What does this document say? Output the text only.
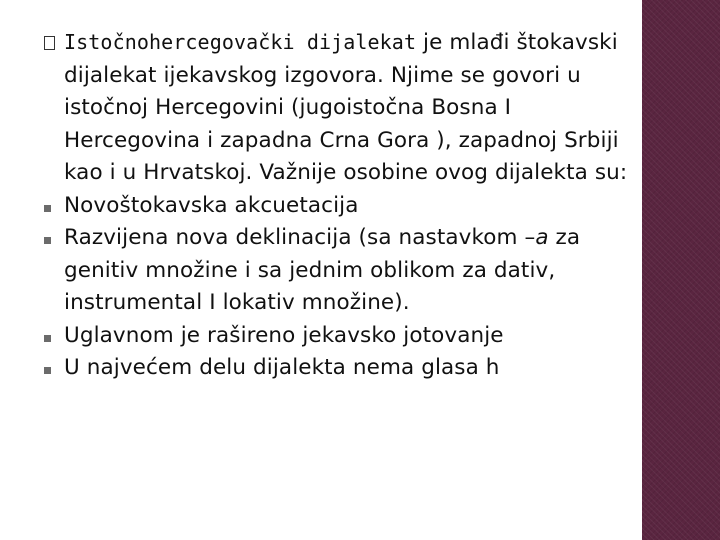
Istočnohercegovački dijalekat je mlađi štokavski dijalekat ijekavskog izgovora. Njime se govori u istočnoj Hercegovini (jugoistočna Bosna I Hercegovina i zapadna Crna Gora ), zapadnoj Srbiji kao i u Hrvatskoj. Važnije osobine ovog dijalekta su:
Novoštokavska akcuetacija
Razvijena nova deklinacija (sa nastavkom –a za genitiv množine i sa jednim oblikom za dativ, instrumental I lokativ množine).
Uglavnom je rašireno jekavsko jotovanje
U najvećem delu dijalekta nema glasa h
